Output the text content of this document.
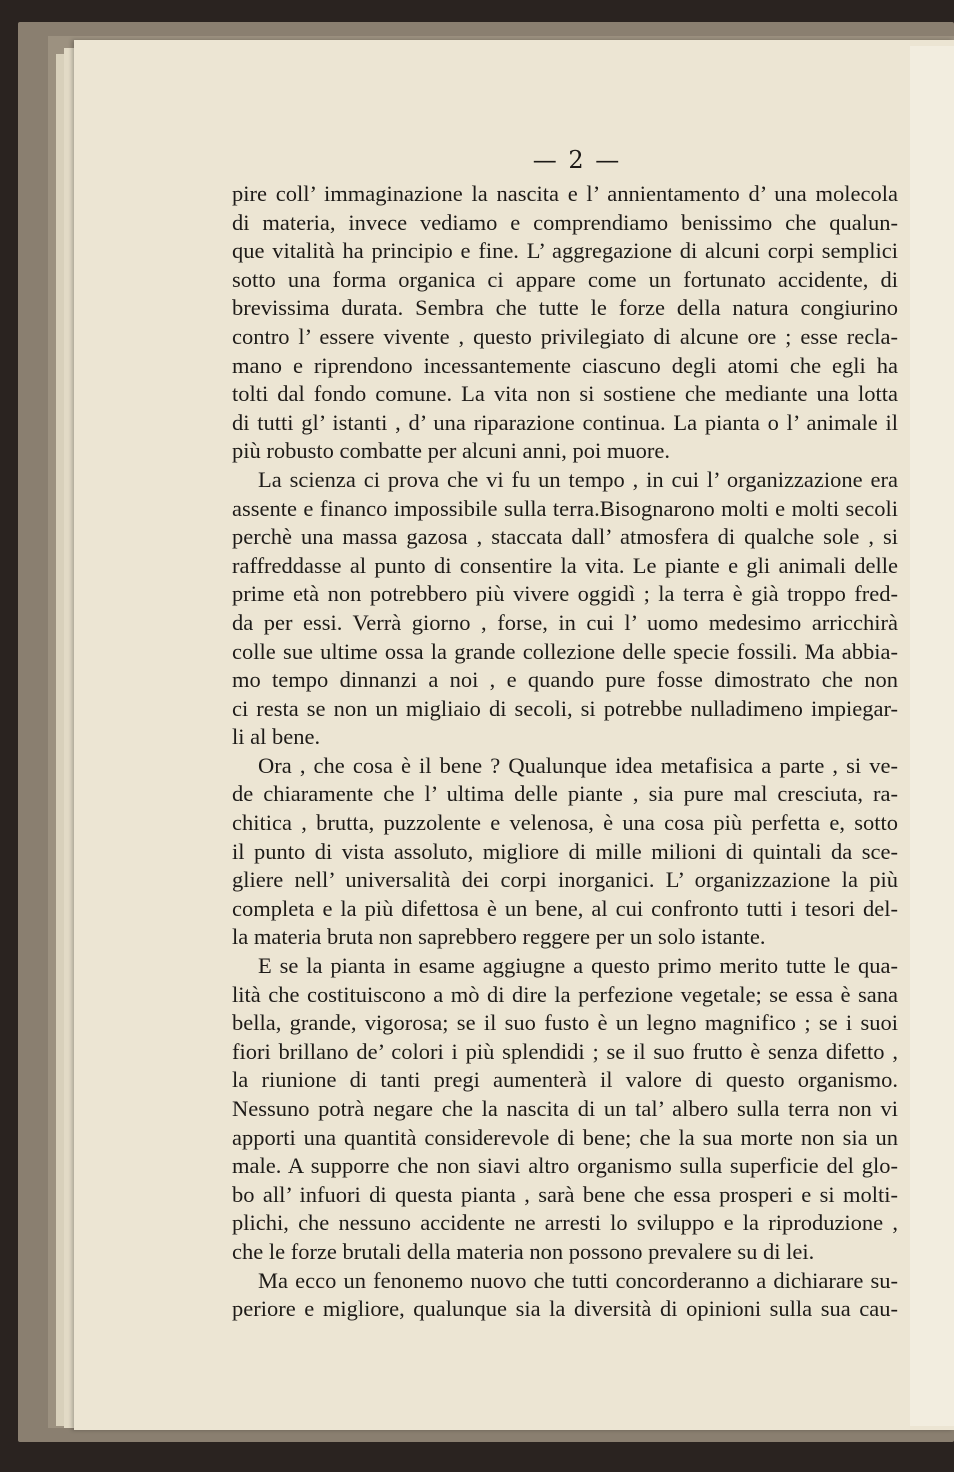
— 2 —
pire coll’ immaginazione la nascita e l’ annientamento d’ una molecola
di materia, invece vediamo e comprendiamo benissimo che qualun-
que vitalità ha principio e fine. L’ aggregazione di alcuni corpi semplici
sotto una forma organica ci appare come un fortunato accidente, di
brevissima durata. Sembra che tutte le forze della natura congiurino
contro l’ essere vivente , questo privilegiato di alcune ore ; esse recla-
mano e riprendono incessantemente ciascuno degli atomi che egli ha
tolti dal fondo comune. La vita non si sostiene che mediante una lotta
di tutti gl’ istanti , d’ una riparazione continua. La pianta o l’ animale il
più robusto combatte per alcuni anni, poi muore.
La scienza ci prova che vi fu un tempo , in cui l’ organizzazione era
assente e financo impossibile sulla terra.Bisognarono molti e molti secoli
perchè una massa gazosa , staccata dall’ atmosfera di qualche sole , si
raffreddasse al punto di consentire la vita. Le piante e gli animali delle
prime età non potrebbero più vivere oggidì ; la terra è già troppo fred-
da per essi. Verrà giorno , forse, in cui l’ uomo medesimo arricchirà
colle sue ultime ossa la grande collezione delle specie fossili. Ma abbia-
mo tempo dinnanzi a noi , e quando pure fosse dimostrato che non
ci resta se non un migliaio di secoli, si potrebbe nulladimeno impiegar-
li al bene.
Ora , che cosa è il bene ? Qualunque idea metafisica a parte , si ve-
de chiaramente che l’ ultima delle piante , sia pure mal cresciuta, ra-
chitica , brutta, puzzolente e velenosa, è una cosa più perfetta e, sotto
il punto di vista assoluto, migliore di mille milioni di quintali da sce-
gliere nell’ universalità dei corpi inorganici. L’ organizzazione la più
completa e la più difettosa è un bene, al cui confronto tutti i tesori del-
la materia bruta non saprebbero reggere per un solo istante.
E se la pianta in esame aggiugne a questo primo merito tutte le qua-
lità che costituiscono a mò di dire la perfezione vegetale; se essa è sana
bella, grande, vigorosa; se il suo fusto è un legno magnifico ; se i suoi
fiori brillano de’ colori i più splendidi ; se il suo frutto è senza difetto ,
la riunione di tanti pregi aumenterà il valore di questo organismo.
Nessuno potrà negare che la nascita di un tal’ albero sulla terra non vi
apporti una quantità considerevole di bene; che la sua morte non sia un
male. A supporre che non siavi altro organismo sulla superficie del glo-
bo all’ infuori di questa pianta , sarà bene che essa prosperi e si molti-
plichi, che nessuno accidente ne arresti lo sviluppo e la riproduzione ,
che le forze brutali della materia non possono prevalere su di lei.
Ma ecco un fenonemo nuovo che tutti concorderanno a dichiarare su-
periore e migliore, qualunque sia la diversità di opinioni sulla sua cau-
